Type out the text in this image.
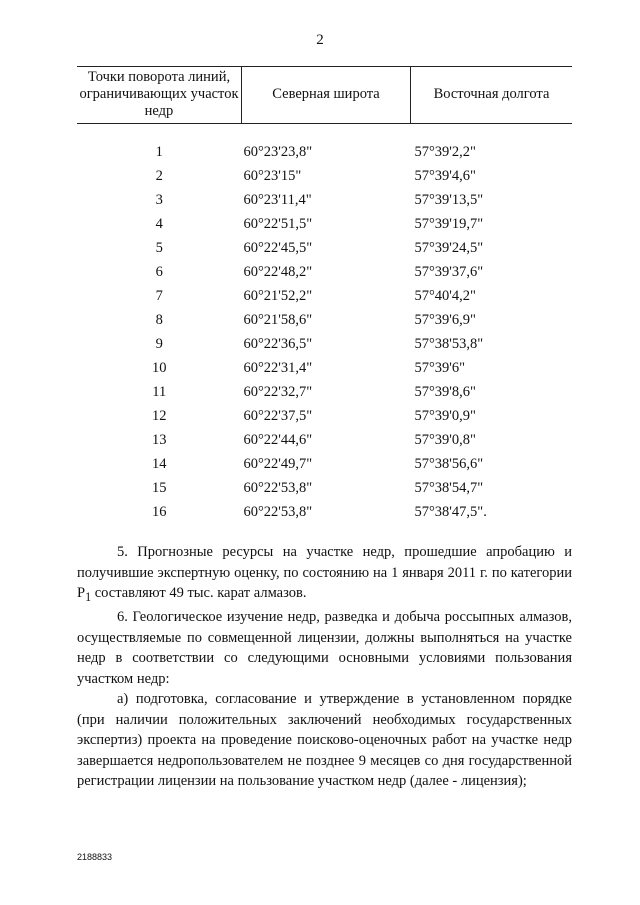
2
Точки поворота линий, ограничивающих участок недр	Северная широта	Восточная долгота
1	60°23'23,8"	57°39'2,2"
2	60°23'15"	57°39'4,6"
3	60°23'11,4"	57°39'13,5"
4	60°22'51,5"	57°39'19,7"
5	60°22'45,5"	57°39'24,5"
6	60°22'48,2"	57°39'37,6"
7	60°21'52,2"	57°40'4,2"
8	60°21'58,6"	57°39'6,9"
9	60°22'36,5"	57°38'53,8"
10	60°22'31,4"	57°39'6"
11	60°22'32,7"	57°39'8,6"
12	60°22'37,5"	57°39'0,9"
13	60°22'44,6"	57°39'0,8"
14	60°22'49,7"	57°38'56,6"
15	60°22'53,8"	57°38'54,7"
16	60°22'53,8"	57°38'47,5".

5. Прогнозные ресурсы на участке недр, прошедшие апробацию и получившие экспертную оценку, по состоянию на 1 января 2011 г. по категории $P_1$ составляют 49 тыс. карат алмазов.

6. Геологическое изучение недр, разведка и добыча россыпных алмазов, осуществляемые по совмещенной лицензии, должны выполняться на участке недр в соответствии со следующими основными условиями пользования участком недр:

а) подготовка, согласование и утверждение в установленном порядке (при наличии положительных заключений необходимых государственных экспертиз) проекта на проведение поисково-оценочных работ на участке недр завершается недропользователем не позднее 9 месяцев со дня государственной регистрации лицензии на пользование участком недр (далее - лицензия);

2188833
